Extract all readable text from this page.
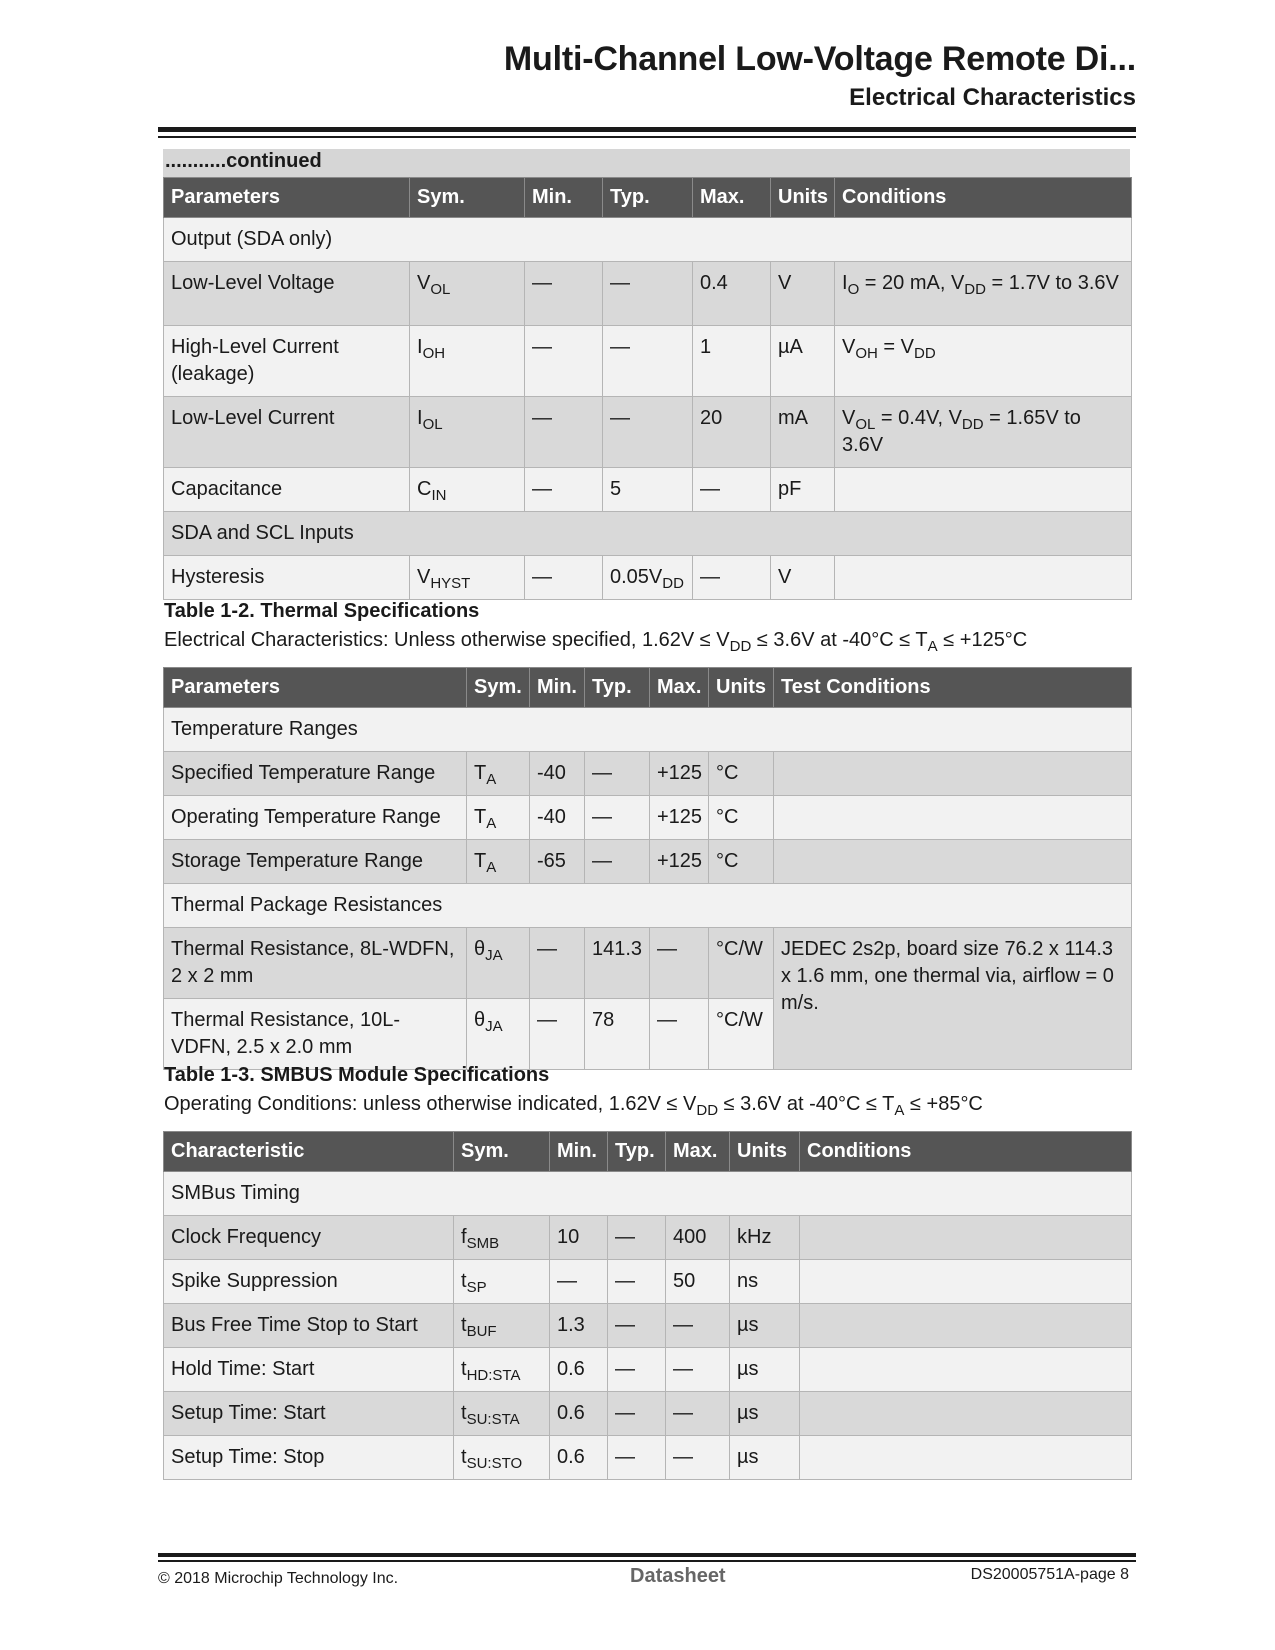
Multi-Channel Low-Voltage Remote Di...
Electrical Characteristics
...........continued
Parameters	Sym.	Min.	Typ.	Max.	Units	Conditions
Output (SDA only)						
Low-Level Voltage	$V_{OL}$	—	—	0.4	V	$I_O = 20$ mA, $V_{DD} = 1.7V$ to 3.6V
High-Level Current (leakage)	$I_{OH}$	—	—	1	µA	$V_{OH} = V_{DD}$
Low-Level Current	$I_{OL}$	—	—	20	mA	$V_{OL} = 0.4V$, $V_{DD} = 1.65V$ to 3.6V
Capacitance	$C_{IN}$	—	5	—	pF	
SDA and SCL Inputs						
Hysteresis	$V_{HYST}$	—	$0.05V_{DD}$	—	V	
Table 1-2. Thermal Specifications
Electrical Characteristics: Unless otherwise specified, $1.62V \le V_{DD} \le 3.6V$ at $-40^\circ C \le T_A \le +125^\circ C$
Parameters	Sym.	Min.	Typ.	Max.	Units	Test Conditions
Temperature Ranges						
Specified Temperature Range	$T_A$	-40	—	+125	°C	
Operating Temperature Range	$T_A$	-40	—	+125	°C	
Storage Temperature Range	$T_A$	-65	—	+125	°C	
Thermal Package Resistances						
Thermal Resistance, 8L-WDFN, 2 x 2 mm	$\theta_{JA}$	—	141.3	—	°C/W	JEDEC 2s2p, board size 76.2 x 114.3 x 1.6 mm, one thermal via, airflow = 0 m/s.
Thermal Resistance, 10L-VDFN, 2.5 x 2.0 mm	$\theta_{JA}$	—	78	—	°C/W	
Table 1-3. SMBUS Module Specifications
Operating Conditions: unless otherwise indicated, $1.62V \le V_{DD} \le 3.6V$ at $-40^\circ C \le T_A \le +85^\circ C$
Characteristic	Sym.	Min.	Typ.	Max.	Units	Conditions
SMBus Timing						
Clock Frequency	$f_{SMB}$	10	—	400	kHz	
Spike Suppression	$t_{SP}$	—	—	50	ns	
Bus Free Time Stop to Start	$t_{BUF}$	1.3	—	—	µs	
Hold Time: Start	$t_{HD:STA}$	0.6	—	—	µs	
Setup Time: Start	$t_{SU:STA}$	0.6	—	—	µs	
Setup Time: Stop	$t_{SU:STO}$	0.6	—	—	µs	
© 2018 Microchip Technology Inc.	Datasheet	DS20005751A-page 8
